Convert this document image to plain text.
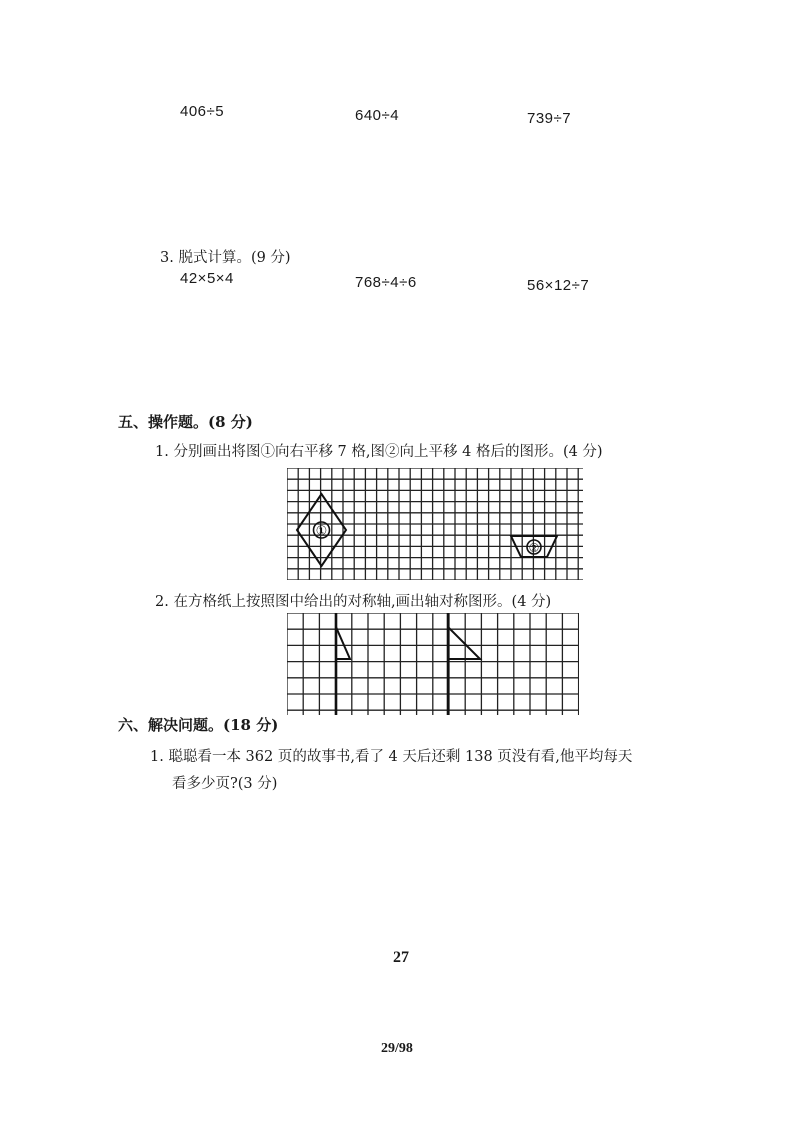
406÷5	640÷4	739÷7
3. 脱式计算。(9 分)
42×5×4	768÷4÷6	56×12÷7
五、操作题。(8 分)
1. 分别画出将图①向右平移 7 格,图②向上平移 4 格后的图形。(4 分)
①
②
2. 在方格纸上按照图中给出的对称轴,画出轴对称图形。(4 分)
六、解决问题。(18 分)
1. 聪聪看一本 362 页的故事书,看了 4 天后还剩 138 页没有看,他平均每天
看多少页?(3 分)
27
29/98
